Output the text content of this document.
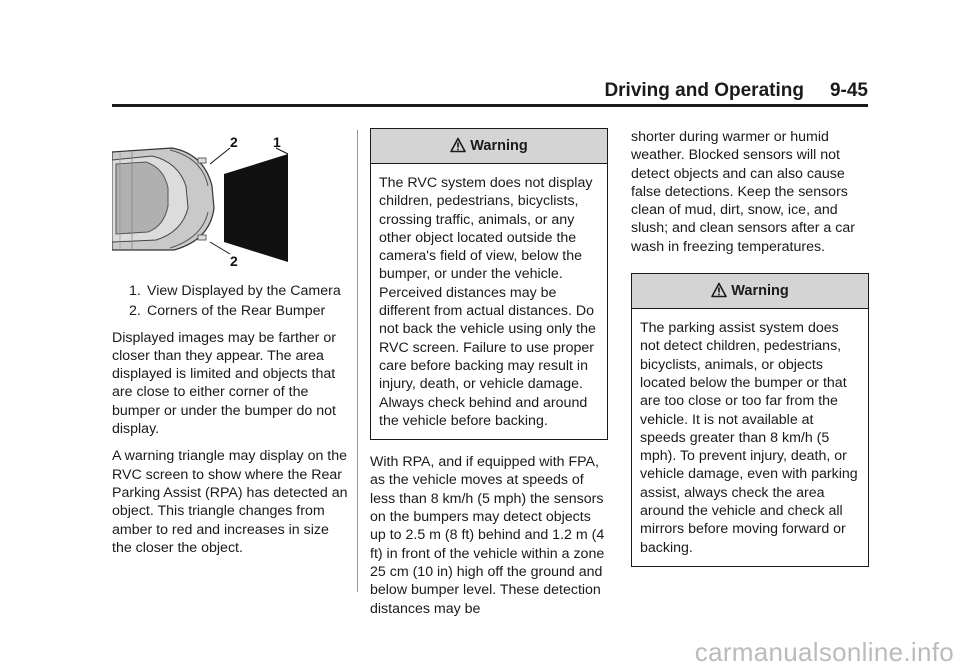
Driving and Operating 9-45
2	1
2
1. View Displayed by the Camera
2. Corners of the Rear Bumper

Displayed images may be farther or closer than they appear. The area displayed is limited and objects that are close to either corner of the bumper or under the bumper do not display.

A warning triangle may display on the RVC screen to show where the Rear Parking Assist (RPA) has detected an object. This triangle changes from amber to red and increases in size the closer the object.

Warning
The RVC system does not display children, pedestrians, bicyclists, crossing traffic, animals, or any other object located outside the camera's field of view, below the bumper, or under the vehicle. Perceived distances may be different from actual distances. Do not back the vehicle using only the RVC screen. Failure to use proper care before backing may result in injury, death, or vehicle damage. Always check behind and around the vehicle before backing.

With RPA, and if equipped with FPA, as the vehicle moves at speeds of less than 8 km/h (5 mph) the sensors on the bumpers may detect objects up to 2.5 m (8 ft) behind and 1.2 m (4 ft) in front of the vehicle within a zone 25 cm (10 in) high off the ground and below bumper level. These detection distances may be

shorter during warmer or humid weather. Blocked sensors will not detect objects and can also cause false detections. Keep the sensors clean of mud, dirt, snow, ice, and slush; and clean sensors after a car wash in freezing temperatures.

Warning
The parking assist system does not detect children, pedestrians, bicyclists, animals, or objects located below the bumper or that are too close or too far from the vehicle. It is not available at speeds greater than 8 km/h (5 mph). To prevent injury, death, or vehicle damage, even with parking assist, always check the area around the vehicle and check all mirrors before moving forward or backing.
carmanualsonline.info
